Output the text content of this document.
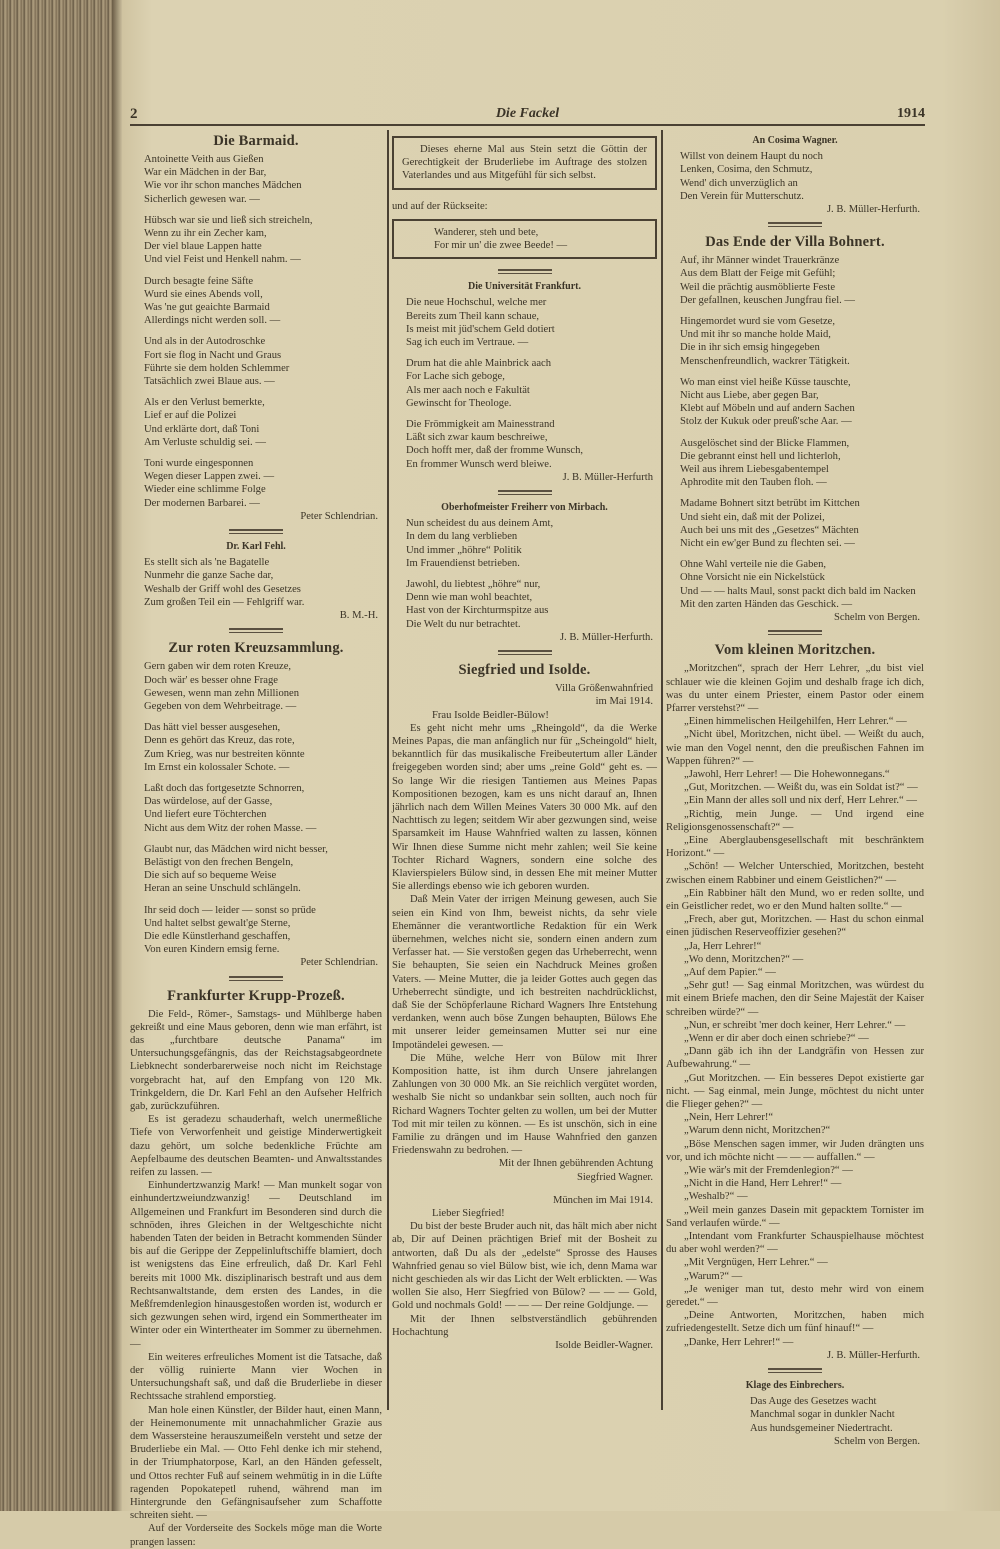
2	Die Fackel	1914
Die Barmaid.
Antoinette Veith aus Gießen
War ein Mädchen in der Bar,
Wie vor ihr schon manches Mädchen
Sicherlich gewesen war. —
Hübsch war sie und ließ sich streicheln,
Wenn zu ihr ein Zecher kam,
Der viel blaue Lappen hatte
Und viel Feist und Henkell nahm. —
Durch besagte feine Säfte
Wurd sie eines Abends voll,
Was 'ne gut geaichte Barmaid
Allerdings nicht werden soll. —
Und als in der Autodroschke
Fort sie flog in Nacht und Graus
Führte sie dem holden Schlemmer
Tatsächlich zwei Blaue aus. —
Als er den Verlust bemerkte,
Lief er auf die Polizei
Und erklärte dort, daß Toni
Am Verluste schuldig sei. —
Toni wurde eingesponnen
Wegen dieser Lappen zwei. —
Wieder eine schlimme Folge
Der modernen Barbarei. —
Peter Schlendrian.
Dr. Karl Fehl.
Es stellt sich als 'ne Bagatelle
Nunmehr die ganze Sache dar,
Weshalb der Griff wohl des Gesetzes
Zum großen Teil ein — Fehlgriff war.
B. M.-H.
Zur roten Kreuzsammlung.
Gern gaben wir dem roten Kreuze,
Doch wär' es besser ohne Frage
Gewesen, wenn man zehn Millionen
Gegeben von dem Wehrbeitrage. —
Das hätt viel besser ausgesehen,
Denn es gehört das Kreuz, das rote,
Zum Krieg, was nur bestreiten könnte
Im Ernst ein kolossaler Schote. —
Laßt doch das fortgesetzte Schnorren,
Das würdelose, auf der Gasse,
Und liefert eure Töchterchen
Nicht aus dem Witz der rohen Masse. —
Glaubt nur, das Mädchen wird nicht besser,
Belästigt von den frechen Bengeln,
Die sich auf so bequeme Weise
Heran an seine Unschuld schlängeln.
Ihr seid doch — leider — sonst so prüde
Und haltet selbst gewalt'ge Sterne,
Die edle Künstlerhand geschaffen,
Von euren Kindern emsig ferne.
Peter Schlendrian.
Frankfurter Krupp-Prozeß.

Die Feld-, Römer-, Samstags- und Mühlberge haben gekreißt und eine Maus geboren, denn wie man erfährt, ist das „furchtbare deutsche Panama“ im Untersuchungsgefängnis, das der Reichstagsabgeordnete Liebknecht sonderbarerweise noch nicht im Reichstage vorgebracht hat, auf den Empfang von 120 Mk. Trinkgeldern, die Dr. Karl Fehl an den Aufseher Helfrich gab, zurückzuführen.

Es ist geradezu schauderhaft, welch unermeßliche Tiefe von Verworfenheit und geistige Minderwertigkeit dazu gehört, um solche bedenkliche Früchte am Aepfelbaume des deutschen Beamten- und Anwaltsstandes reifen zu lassen. —

Einhundertzwanzig Mark! — Man munkelt sogar von einhundertzweiundzwanzig! — Deutschland im Allgemeinen und Frankfurt im Besonderen sind durch die schnöden, ihres Gleichen in der Weltgeschichte nicht habenden Taten der beiden in Betracht kommenden Sünder bis auf die Gerippe der Zeppelinluftschiffe blamiert, doch ist wenigstens das Eine erfreulich, daß Dr. Karl Fehl bereits mit 1000 Mk. disziplinarisch bestraft und aus dem Rechtsanwaltstande, dem ersten des Landes, in die Meßfremdenlegion hinausgestoßen worden ist, wodurch er sich gezwungen sehen wird, irgend ein Sommertheater im Winter oder ein Wintertheater im Sommer zu übernehmen. —

Ein weiteres erfreuliches Moment ist die Tatsache, daß der völlig ruinierte Mann vier Wochen in Untersuchungshaft saß, und daß die Bruderliebe in dieser Rechtssache strahlend emporstieg.

Man hole einen Künstler, der Bilder haut, einen Mann, der Heinemonumente mit unnachahmlicher Grazie aus dem Wassersteine herauszumeißeln versteht und setze der Bruderliebe ein Mal. — Otto Fehl denke ich mir stehend, in der Triumphatorpose, Karl, an den Händen gefesselt, und Ottos rechter Fuß auf seinem wehmütig in in die Lüfte ragenden Popokatepetl ruhend, während man im Hintergrunde den Gefängnisaufseher zum Schaffotte schreiten sieht. —

Auf der Vorderseite des Sockels möge man die Worte prangen lassen:

Dieses eherne Mal aus Stein setzt die Göttin der Gerechtigkeit der Bruderliebe im Auftrage des stolzen Vaterlandes und aus Mitgefühl für sich selbst.

und auf der Rückseite:
Wanderer, steh und bete,
For mir un' die zwee Beede! —
Die Universität Frankfurt.
Die neue Hochschul, welche mer
Bereits zum Theil kann schaue,
Is meist mit jüd'schem Geld dotiert
Sag ich euch im Vertraue. —
Drum hat die ahle Mainbrick aach
For Lache sich geboge,
Als mer aach noch e Fakultät
Gewinscht for Theologe.
Die Frömmigkeit am Mainesstrand
Läßt sich zwar kaum beschreiwe,
Doch hofft mer, daß der fromme Wunsch,
En frommer Wunsch werd bleiwe.
J. B. Müller-Herfurth
Oberhofmeister Freiherr von Mirbach.
Nun scheidest du aus deinem Amt,
In dem du lang verblieben
Und immer „höhre“ Politik
Im Frauendienst betrieben.
Jawohl, du liebtest „höhre“ nur,
Denn wie man wohl beachtet,
Hast von der Kirchturmspitze aus
Die Welt du nur betrachtet.
J. B. Müller-Herfurth.
Siegfried und Isolde.
Villa Größenwahnfried
im Mai 1914.
Frau Isolde Beidler-Bülow!

Es geht nicht mehr ums „Rheingold“, da die Werke Meines Papas, die man anfänglich nur für „Scheingold“ hielt, bekanntlich für das musikalische Freibeutertum aller Länder freigegeben worden sind; aber ums „reine Gold“ geht es. — So lange Wir die riesigen Tantiemen aus Meines Papas Kompositionen bezogen, kam es uns nicht darauf an, Ihnen jährlich nach dem Willen Meines Vaters 30 000 Mk. auf den Nachttisch zu legen; seitdem Wir aber gezwungen sind, weise Sparsamkeit im Hause Wahnfried walten zu lassen, können Wir Ihnen diese Summe nicht mehr zahlen; weil Sie keine Tochter Richard Wagners, sondern eine solche des Klavierspielers Bülow sind, in dessen Ehe mit meiner Mutter Sie allerdings ebenso wie ich geboren wurden.

Daß Mein Vater der irrigen Meinung gewesen, auch Sie seien ein Kind von Ihm, beweist nichts, da sehr viele Ehemänner die verantwortliche Redaktion für ein Werk übernehmen, welches nicht sie, sondern einen andern zum Verfasser hat. — Sie verstoßen gegen das Urheberrecht, wenn Sie behaupten, Sie seien ein Nachdruck Meines großen Vaters. — Meine Mutter, die ja leider Gottes auch gegen das Urheberrecht sündigte, und ich bestreiten nachdrücklichst, daß Sie der Schöpferlaune Richard Wagners Ihre Entstehung verdanken, wenn auch böse Zungen behaupten, Bülows Ehe mit unserer leider gemeinsamen Mutter sei nur eine Impotändelei gewesen. —

Die Mühe, welche Herr von Bülow mit Ihrer Komposition hatte, ist ihm durch Unsere jahrelangen Zahlungen von 30 000 Mk. an Sie reichlich vergütet worden, weshalb Sie nicht so undankbar sein sollten, auch noch für Richard Wagners Tochter gelten zu wollen, um bei der Mutter Tod mit mir teilen zu können. — Es ist unschön, sich in eine Familie zu drängen und im Hause Wahnfried den ganzen Friedenswahn zu bedrohen. —

Mit der Ihnen gebührenden Achtung
Siegfried Wagner.
München im Mai 1914.
Lieber Siegfried!

Du bist der beste Bruder auch nit, das hält mich aber nicht ab, Dir auf Deinen prächtigen Brief mit der Bosheit zu antworten, daß Du als der „edelste“ Sprosse des Hauses Wahnfried genau so viel Bülow bist, wie ich, denn Mama war nicht geschieden als wir das Licht der Welt erblickten. — Was wollen Sie also, Herr Siegfried von Bülow? — — — Gold, Gold und nochmals Gold! — — — Der reine Goldjunge. —

Mit der Ihnen selbstverständlich gebührenden Hochachtung

Isolde Beidler-Wagner.
An Cosima Wagner.
Willst von deinem Haupt du noch
Lenken, Cosima, den Schmutz,
Wend' dich unverzüglich an
Den Verein für Mutterschutz.
J. B. Müller-Herfurth.
Das Ende der Villa Bohnert.
Auf, ihr Männer windet Trauerkränze
Aus dem Blatt der Feige mit Gefühl;
Weil die prächtig ausmöblierte Feste
Der gefallnen, keuschen Jungfrau fiel. —
Hingemordet wurd sie vom Gesetze,
Und mit ihr so manche holde Maid,
Die in ihr sich emsig hingegeben
Menschenfreundlich, wackrer Tätigkeit.
Wo man einst viel heiße Küsse tauschte,
Nicht aus Liebe, aber gegen Bar,
Klebt auf Möbeln und auf andern Sachen
Stolz der Kukuk oder preuß'sche Aar. —
Ausgelöschet sind der Blicke Flammen,
Die gebrannt einst hell und lichterloh,
Weil aus ihrem Liebesgabentempel
Aphrodite mit den Tauben floh. —
Madame Bohnert sitzt betrübt im Kittchen
Und sieht ein, daß mit der Polizei,
Auch bei uns mit des „Gesetzes“ Mächten
Nicht ein ew'ger Bund zu flechten sei. —
Ohne Wahl verteile nie die Gaben,
Ohne Vorsicht nie ein Nickelstück
Und — — halts Maul, sonst packt dich bald im Nacken
Mit den zarten Händen das Geschick. —
Schelm von Bergen.
Vom kleinen Moritzchen.

„Moritzchen“, sprach der Herr Lehrer, „du bist viel schlauer wie die kleinen Gojim und deshalb frage ich dich, was du unter einem Priester, einem Pastor oder einem Pfarrer verstehst?“ —

„Einen himmelischen Heilgehilfen, Herr Lehrer.“ —

„Nicht übel, Moritzchen, nicht übel. — Weißt du auch, wie man den Vogel nennt, den die preußischen Fahnen im Wappen führen?“ —

„Jawohl, Herr Lehrer! — Die Hohewonnegans.“

„Gut, Moritzchen. — Weißt du, was ein Soldat ist?“ —

„Ein Mann der alles soll und nix derf, Herr Lehrer.“ —

„Richtig, mein Junge. — Und irgend eine Religionsgenossenschaft?“ —

„Eine Aberglaubensgesellschaft mit beschränktem Horizont.“ —

„Schön! — Welcher Unterschied, Moritzchen, besteht zwischen einem Rabbiner und einem Geistlichen?“ —

„Ein Rabbiner hält den Mund, wo er reden sollte, und ein Geistlicher redet, wo er den Mund halten sollte.“ —

„Frech, aber gut, Moritzchen. — Hast du schon einmal einen jüdischen Reserveoffizier gesehen?“

„Ja, Herr Lehrer!“

„Wo denn, Moritzchen?“ —

„Auf dem Papier.“ —

„Sehr gut! — Sag einmal Moritzchen, was würdest du mit einem Briefe machen, den dir Seine Majestät der Kaiser schreiben würde?“ —

„Nun, er schreibt 'mer doch keiner, Herr Lehrer.“ —

„Wenn er dir aber doch einen schriebe?“ —

„Dann gäb ich ihn der Landgräfin von Hessen zur Aufbewahrung.“ —

„Gut Moritzchen. — Ein besseres Depot existierte gar nicht. — Sag einmal, mein Junge, möchtest du nicht unter die Flieger gehen?“ —

„Nein, Herr Lehrer!“

„Warum denn nicht, Moritzchen?“

„Böse Menschen sagen immer, wir Juden drängten uns vor, und ich möchte nicht — — — auffallen.“ —

„Wie wär's mit der Fremdenlegion?“ —

„Nicht in die Hand, Herr Lehrer!“ —

„Weshalb?“ —

„Weil mein ganzes Dasein mit gepacktem Tornister im Sand verlaufen würde.“ —

„Intendant vom Frankfurter Schauspielhause möchtest du aber wohl werden?“ —

„Mit Vergnügen, Herr Lehrer.“ —

„Warum?“ —

„Je weniger man tut, desto mehr wird von einem geredet.“ —

„Deine Antworten, Moritzchen, haben mich zufriedengestellt. Setze dich um fünf hinauf!“ —

„Danke, Herr Lehrer!“ —

J. B. Müller-Herfurth.
Klage des Einbrechers.
Das Auge des Gesetzes wacht
Manchmal sogar in dunkler Nacht
Aus hundsgemeiner Niedertracht.
Schelm von Bergen.
